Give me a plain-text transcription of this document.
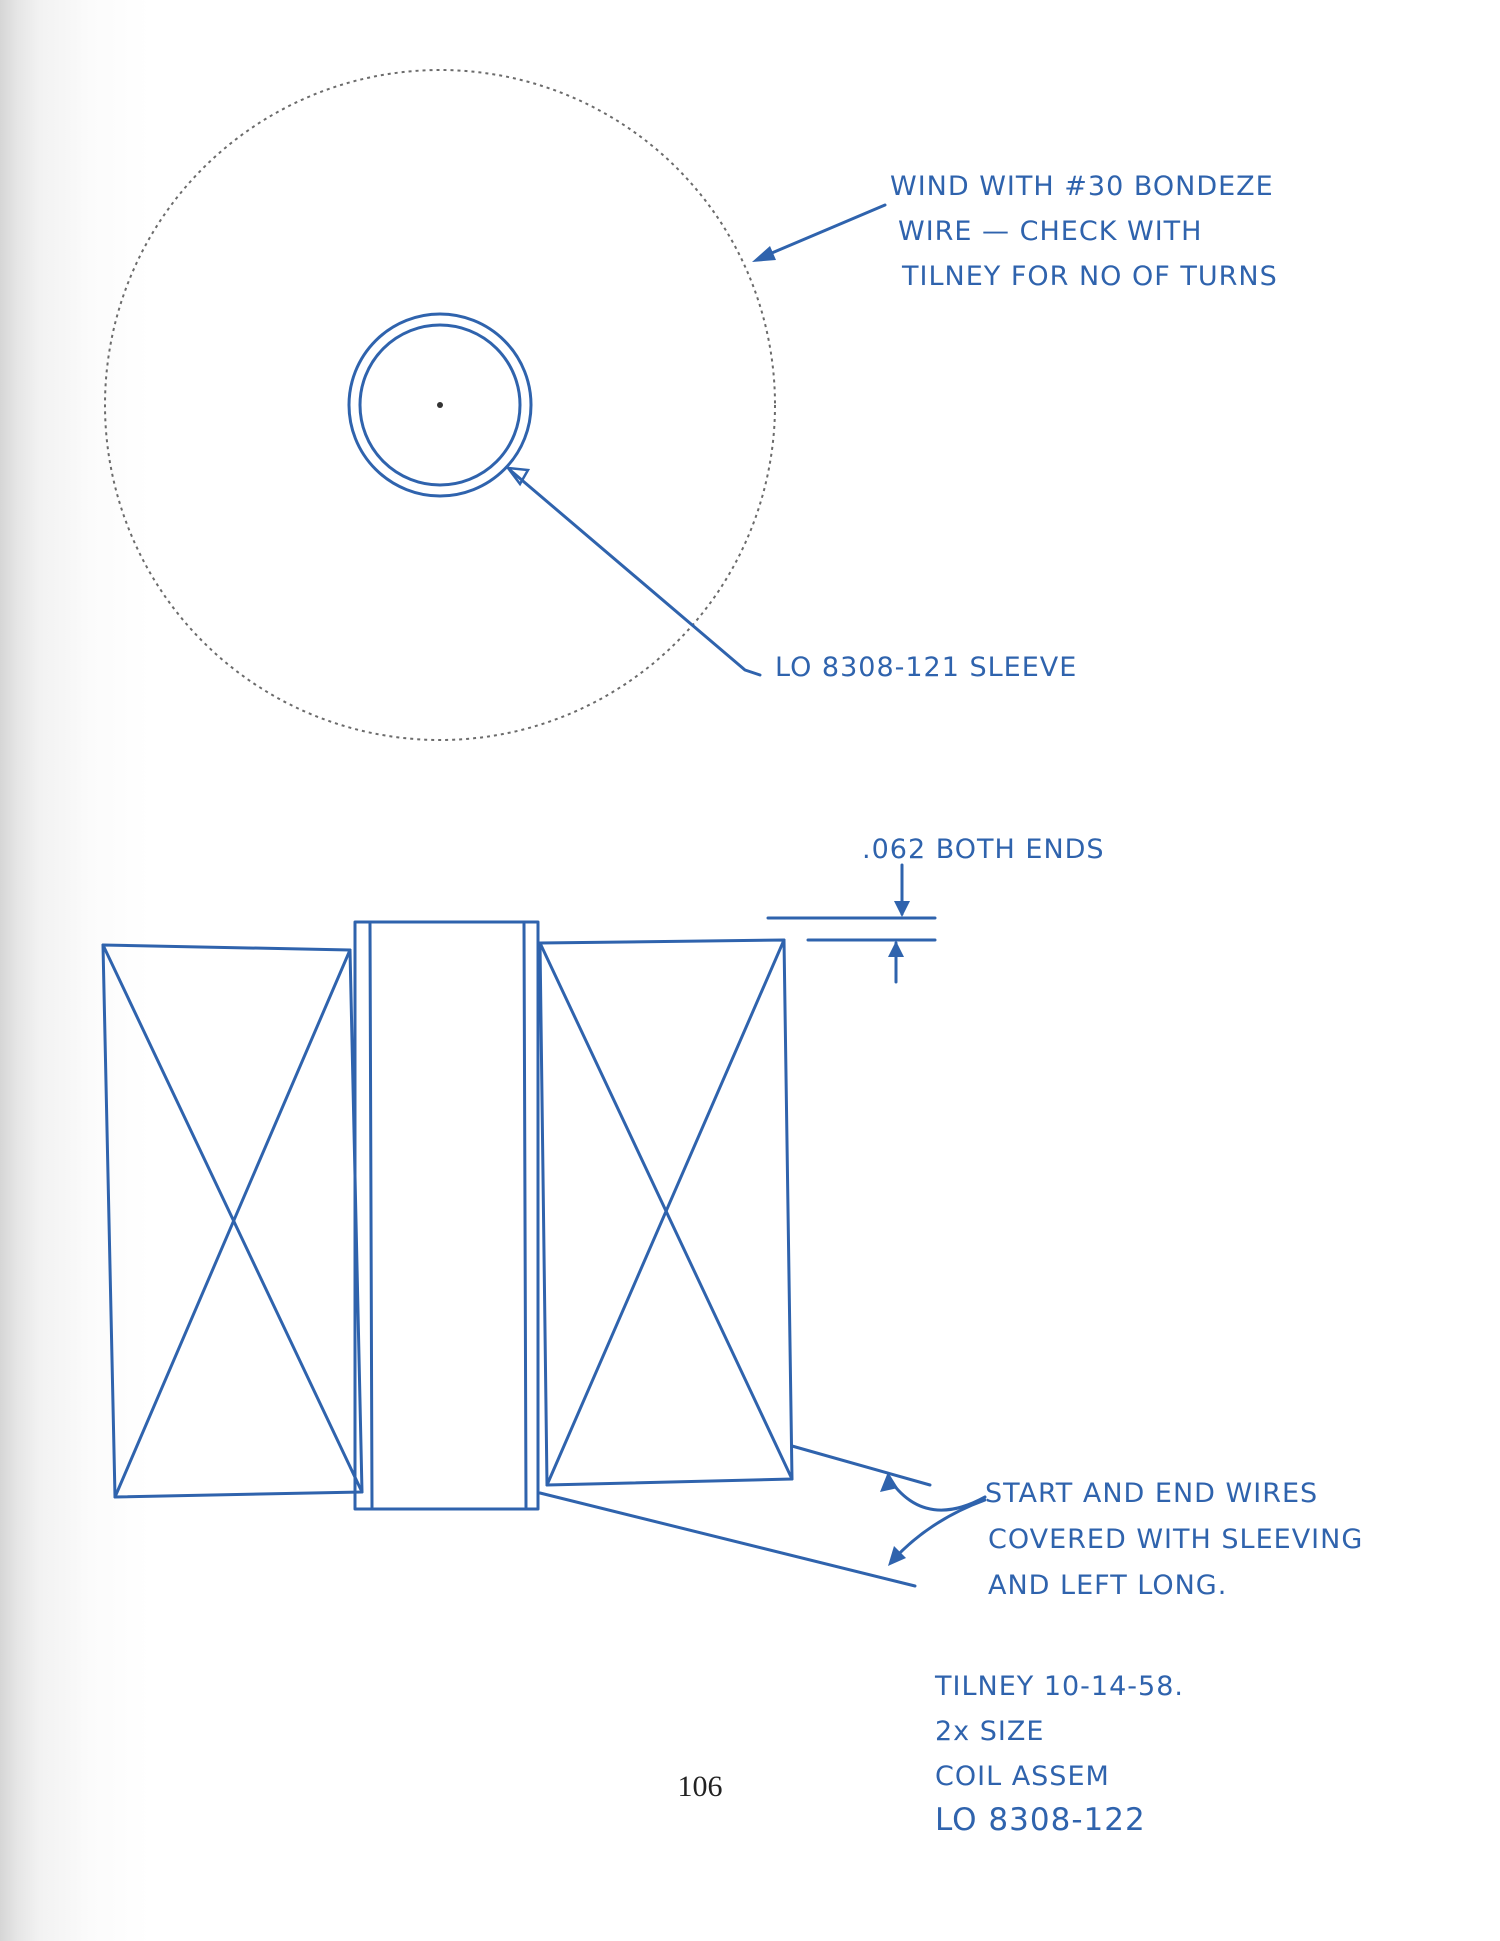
WIND WITH #30 BONDEZE
WIRE — CHECK WITH
TILNEY FOR NO OF TURNS
LO 8308-121 SLEEVE
.062 BOTH ENDS
START AND END WIRES
COVERED WITH SLEEVING
AND LEFT LONG.
TILNEY 10-14-58.
2x SIZE
COIL ASSEM
LO 8308-122
106
